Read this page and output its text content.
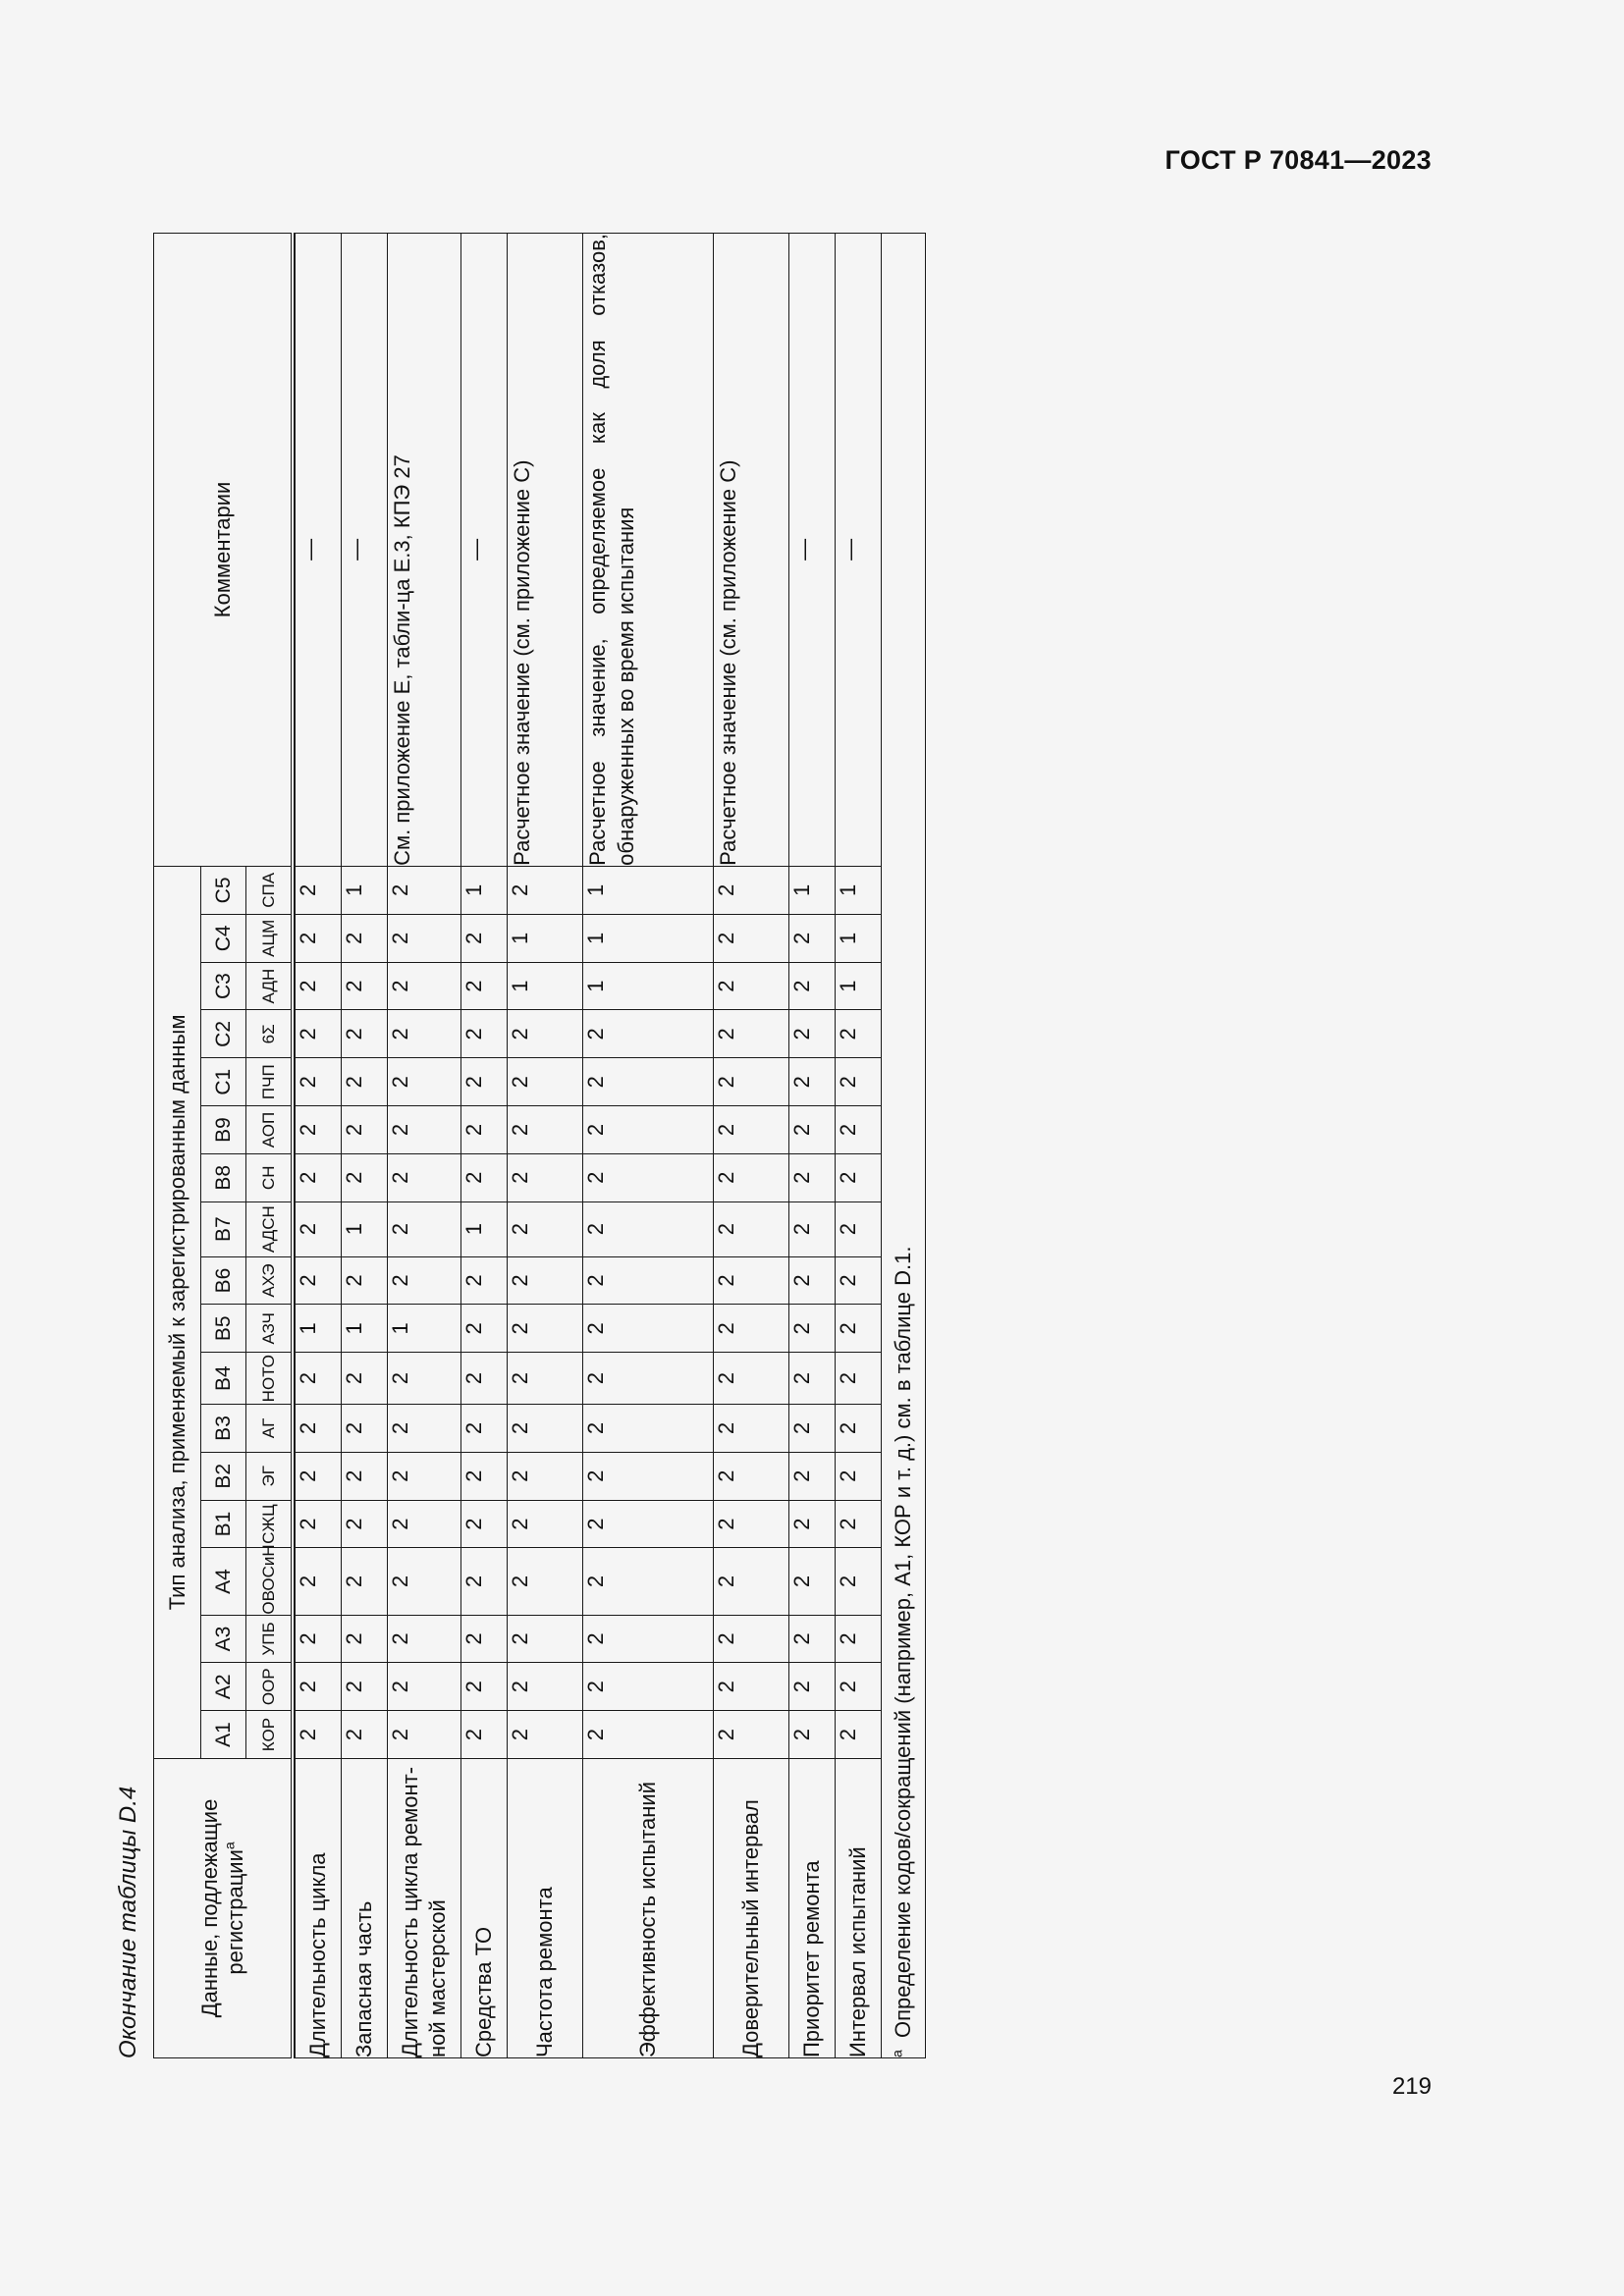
ГОСТ Р 70841—2023
219
Окончание таблицы D.4	Данные, подлежащие регистрации$^a$	Тип анализа, применяемый к зарегистрированным данным																		Комментарии
	A1	A2	A3	A4	B1	B2	B3	B4	B5	B6	B7	B8	B9	C1	C2	C3	C4	C5	
	КОР	ООР	УПБ	ОВОСиН	СЖЦ	ЭГ	АГ	НОТО	АЗЧ	АХЭ	АДСН	СН	АОП	ПЧП	6Σ	АДН	АЦМ	СПА	

Длительность цикла	2	2	2	2	2	2	2	2	1	2	2	2	2	2	2	2	2	2	—
Запасная часть	2	2	2	2	2	2	2	2	1	2	1	2	2	2	2	2	2	1	—
Длительность цикла ремонт-ной мастерской	2	2	2	2	2	2	2	2	1	2	2	2	2	2	2	2	2	2	См. приложение Е, табли-ца Е.3, КПЭ 27
Средства ТО	2	2	2	2	2	2	2	2	2	2	1	2	2	2	2	2	2	1	—
Частота ремонта	2	2	2	2	2	2	2	2	2	2	2	2	2	2	2	1	1	2	Расчетное значение (см. приложение С)
Эффективность испытаний	2	2	2	2	2	2	2	2	2	2	2	2	2	2	2	1	1	1	Расчетное значение, определяемое как доля отказов, обнаруженных во время испытания
Доверительный интервал	2	2	2	2	2	2	2	2	2	2	2	2	2	2	2	2	2	2	Расчетное значение (см. приложение С)
Приоритет ремонта	2	2	2	2	2	2	2	2	2	2	2	2	2	2	2	2	2	1	—
Интервал испытаний	2	2	2	2	2	2	2	2	2	2	2	2	2	2	2	1	1	1	—
$^a$  Определение кодов/сокращений (например, А1, КОР и т. д.) см. в таблице D.1.																			
